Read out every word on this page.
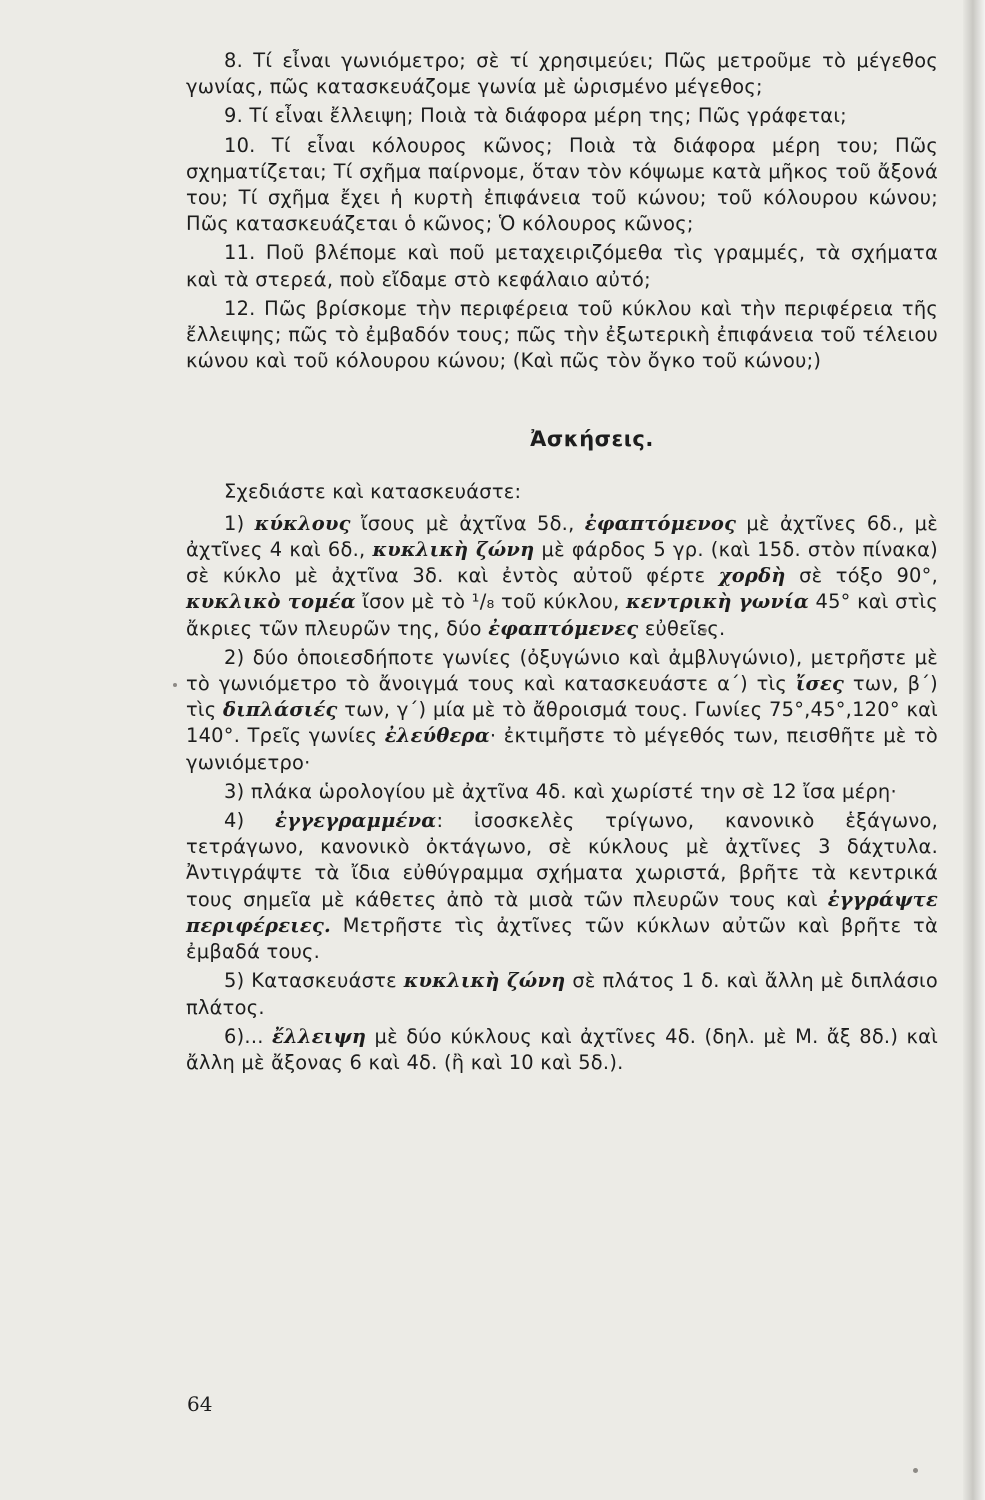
8. Τί εἶναι γωνιόμετρο; σὲ τί χρησιμεύει; Πῶς μετροῦμε τὸ μέγεθος γωνίας, πῶς κατασκευάζομε γωνία μὲ ὡρισμένο μέγεθος;

9. Τί εἶναι ἔλλειψη; Ποιὰ τὰ διάφορα μέρη της; Πῶς γράφεται;

10. Τί εἶναι κόλουρος κῶνος; Ποιὰ τὰ διάφορα μέρη του; Πῶς σχηματίζεται; Τί σχῆμα παίρνομε, ὅταν τὸν κόψωμε κατὰ μῆκος τοῦ ἄξονά του; Τί σχῆμα ἔχει ἡ κυρτὴ ἐπιφάνεια τοῦ κώνου; τοῦ κόλουρου κώνου; Πῶς κατασκευάζεται ὁ κῶνος; Ὁ κόλουρος κῶνος;

11. Ποῦ βλέπομε καὶ ποῦ μεταχειριζόμεθα τὶς γραμμές, τὰ σχήματα καὶ τὰ στερεά, ποὺ εἴδαμε στὸ κεφάλαιο αὐτό;

12. Πῶς βρίσκομε τὴν περιφέρεια τοῦ κύκλου καὶ τὴν περιφέρεια τῆς ἔλλειψης; πῶς τὸ ἐμβαδόν τους; πῶς τὴν ἐξωτερικὴ ἐπιφάνεια τοῦ τέλειου κώνου καὶ τοῦ κόλουρου κώνου; (Καὶ πῶς τὸν ὄγκο τοῦ κώνου;)

Ἀσκήσεις.

Σχεδιάστε καὶ κατασκευάστε:

1) κύκλους ἴσους μὲ ἀχτῖνα 5δ., ἐφαπτόμενος μὲ ἀχτῖνες 6δ., μὲ ἀχτῖνες 4 καὶ 6δ., κυκλικὴ ζώνη μὲ φάρδος 5 γρ. (καὶ 15δ. στὸν πίνακα) σὲ κύκλο μὲ ἀχτῖνα 3δ. καὶ ἐντὸς αὐτοῦ φέρτε χορδὴ σὲ τόξο 90°, κυκλικὸ τομέα ἴσον μὲ τὸ ¹/₈ τοῦ κύκλου, κεντρικὴ γωνία 45° καὶ στὶς ἄκριες τῶν πλευρῶν της, δύο ἐφαπτόμενες εὐθεῖες.

2) δύο ὁποιεσδήποτε γωνίες (ὀξυγώνιο καὶ ἀμβλυγώνιο), μετρῆστε μὲ τὸ γωνιόμετρο τὸ ἄνοιγμά τους καὶ κατασκευάστε α´) τὶς ἴσες των, β´) τὶς διπλάσιές των, γ´) μία μὲ τὸ ἄθροισμά τους. Γωνίες 75°,45°,120° καὶ 140°. Τρεῖς γωνίες ἐλεύθερα· ἐκτιμῆστε τὸ μέγεθός των, πεισθῆτε μὲ τὸ γωνιόμετρο·

3) πλάκα ὡρολογίου μὲ ἀχτῖνα 4δ. καὶ χωρίστέ την σὲ 12 ἴσα μέρη·

4) ἐγγεγραμμένα: ἰσοσκελὲς τρίγωνο, κανονικὸ ἑξάγωνο, τετράγωνο, κανονικὸ ὀκτάγωνο, σὲ κύκλους μὲ ἀχτῖνες 3 δάχτυλα. Ἀντιγράψτε τὰ ἴδια εὐθύγραμμα σχήματα χωριστά, βρῆτε τὰ κεντρικά τους σημεῖα μὲ κάθετες ἀπὸ τὰ μισὰ τῶν πλευρῶν τους καὶ ἐγγράψτε περιφέρειες. Μετρῆστε τὶς ἀχτῖνες τῶν κύκλων αὐτῶν καὶ βρῆτε τὰ ἐμβαδά τους.

5) Κατασκευάστε κυκλικὴ ζώνη σὲ πλάτος 1 δ. καὶ ἄλλη μὲ διπλάσιο πλάτος.

6)... ἔλλειψη μὲ δύο κύκλους καὶ ἀχτῖνες 4δ. (δηλ. μὲ Μ. ἄξ 8δ.) καὶ ἄλλη μὲ ἄξονας 6 καὶ 4δ. (ἢ καὶ 10 καὶ 5δ.).

64
